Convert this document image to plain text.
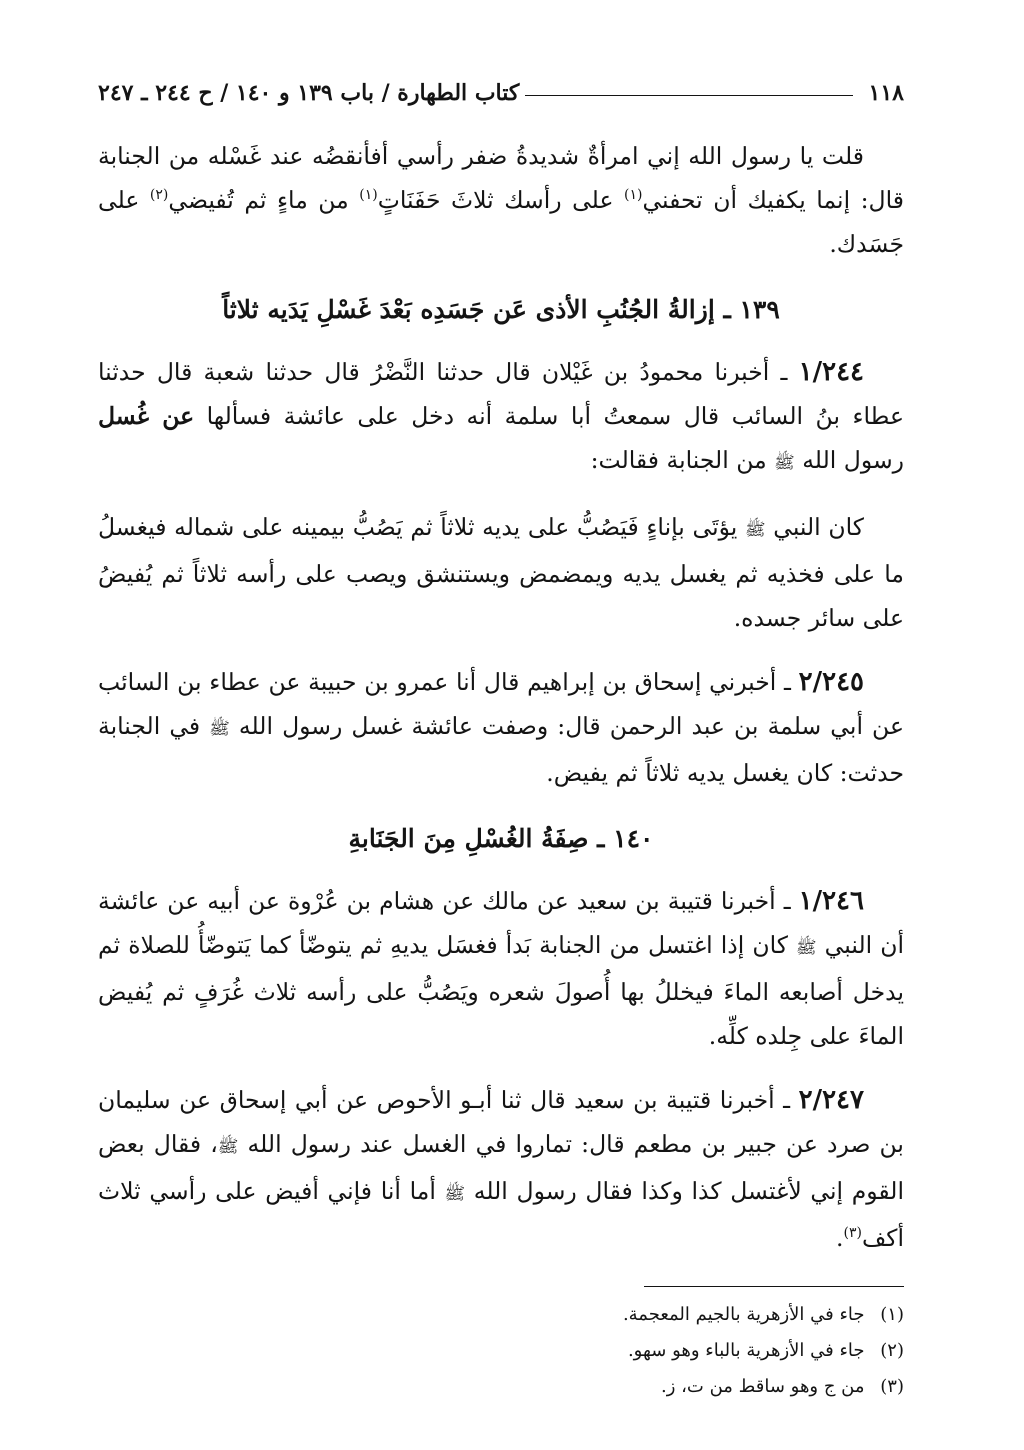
١١٨
كتاب الطهارة / باب ١٣٩ و ١٤٠ / ح ٢٤٤ ـ ٢٤٧

قلت يا رسول الله إني امرأةٌ شديدةُ ضفر رأسي أفأنقضُه عند غَسْله من الجنابة قال: إنما يكفيك أن تحفني$^{(١)}$ على رأسك ثلاثَ حَفَنَاتٍ$^{(١)}$ من ماءٍ ثم تُفيضي$^{(٢)}$ على جَسَدك.

١٣٩ ـ إزالةُ الجُنُبِ الأذى عَن جَسَدِه بَعْدَ غَسْلِ يَدَيه ثلاثاً

١/٢٤٤ ـ أخبرنا محمودُ بن غَيْلان قال حدثنا النَّضْرُ قال حدثنا شعبة قال حدثنا عطاء بنُ السائب قال سمعتُ أبا سلمة أنه دخل على عائشة فسألها عن غُسل رسول الله ﷺ من الجنابة فقالت:

كان النبي ﷺ يؤتَى بإناءٍ فَيَصُبُّ على يديه ثلاثاً ثم يَصُبُّ بيمينه على شماله فيغسلُ ما على فخذيه ثم يغسل يديه ويمضمض ويستنشق ويصب على رأسه ثلاثاً ثم يُفيضُ على سائر جسده.

٢/٢٤٥ ـ أخبرني إسحاق بن إبراهيم قال أنا عمرو بن حبيبة عن عطاء بن السائب عن أبي سلمة بن عبد الرحمن قال: وصفت عائشة غسل رسول الله ﷺ في الجنابة حدثت: كان يغسل يديه ثلاثاً ثم يفيض.

١٤٠ ـ صِفَةُ الغُسْلِ مِنَ الجَنَابةِ

١/٢٤٦ ـ أخبرنا قتيبة بن سعيد عن مالك عن هشام بن عُرْوة عن أبيه عن عائشة أن النبي ﷺ كان إذا اغتسل من الجنابة بَدأ فغسَل يديهِ ثم يتوضّأ كما يَتوضّأُ للصلاة ثم يدخل أصابعه الماءَ فيخللُ بها أُصولَ شعره ويَصُبُّ على رأسه ثلاث غُرَفٍ ثم يُفيض الماءَ على جِلده كلِّه.

٢/٢٤٧ ـ أخبرنا قتيبة بن سعيد قال ثنا أبـو الأحوص عن أبي إسحاق عن سليمان بن صرد عن جبير بن مطعم قال: تماروا في الغسل عند رسول الله ﷺ، فقال بعض القوم إني لأغتسل كذا وكذا فقال رسول الله ﷺ أما أنا فإني أفيض على رأسي ثلاث أكف$^{(٣)}$.

(١) جاء في الأزهرية بالجيم المعجمة.

(٢) جاء في الأزهرية بالباء وهو سهو.

(٣) من ج وهو ساقط من ت، ز.
